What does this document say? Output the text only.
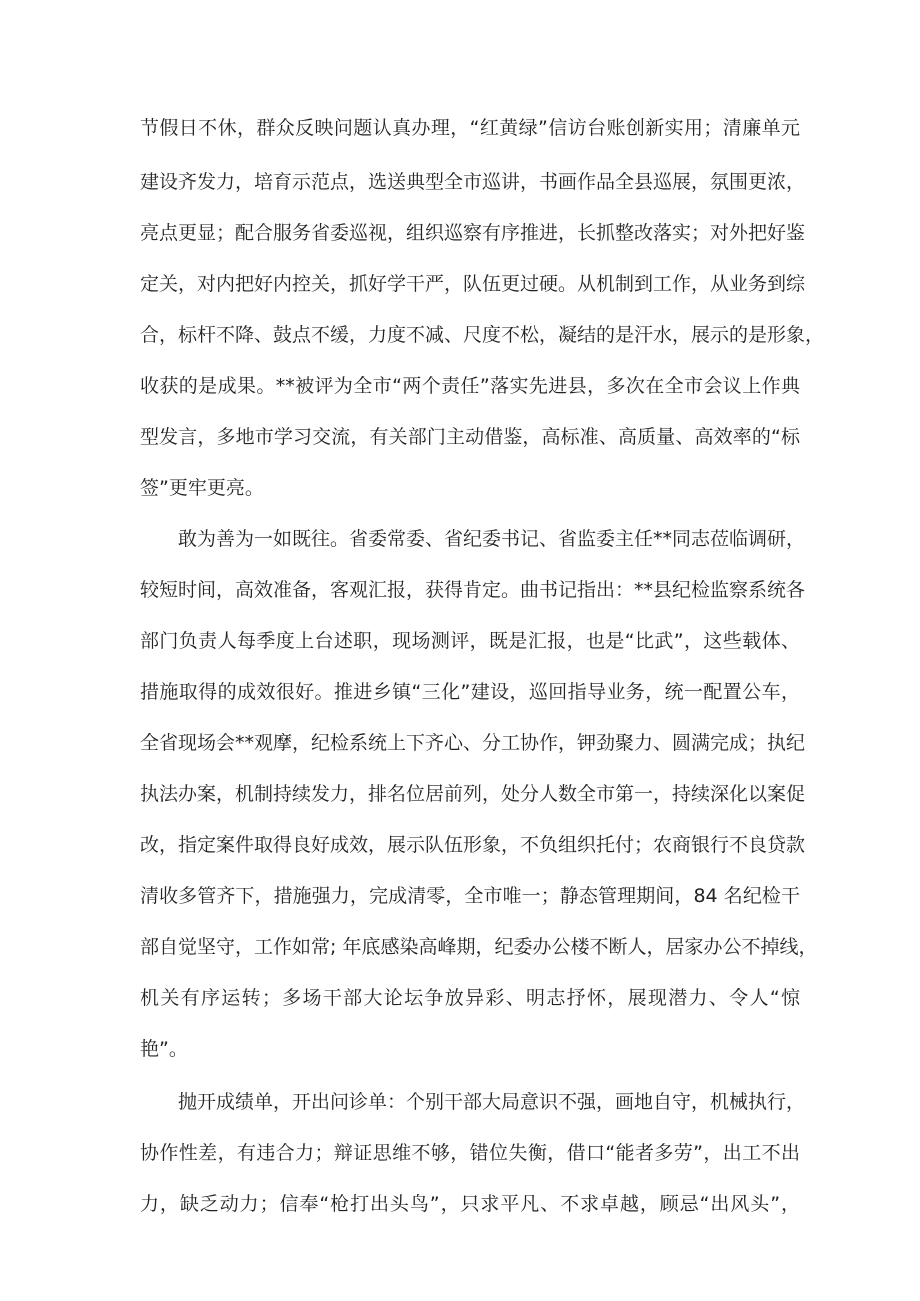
节假日不休，群众反映问题认真办理，“红黄绿”信访台账创新实用；清廉单元
建设齐发力，培育示范点，选送典型全市巡讲，书画作品全县巡展，氛围更浓，
亮点更显；配合服务省委巡视，组织巡察有序推进，长抓整改落实；对外把好鉴
定关，对内把好内控关，抓好学干严，队伍更过硬。从机制到工作，从业务到综
合，标杆不降、鼓点不缓，力度不减、尺度不松，凝结的是汗水，展示的是形象，
收获的是成果。**被评为全市“两个责任”落实先进县，多次在全市会议上作典
型发言，多地市学习交流，有关部门主动借鉴，高标准、高质量、高效率的“标
签”更牢更亮。
敢为善为一如既往。省委常委、省纪委书记、省监委主任**同志莅临调研，
较短时间，高效准备，客观汇报，获得肯定。曲书记指出：**县纪检监察系统各
部门负责人每季度上台述职，现场测评，既是汇报，也是“比武”，这些载体、
措施取得的成效很好。推进乡镇“三化”建设，巡回指导业务，统一配置公车，
全省现场会**观摩，纪检系统上下齐心、分工协作，钾劲聚力、圆满完成；执纪
执法办案，机制持续发力，排名位居前列，处分人数全市第一，持续深化以案促
改，指定案件取得良好成效，展示队伍形象，不负组织托付；农商银行不良贷款
清收多管齐下，措施强力，完成清零，全市唯一；静态管理期间，84 名纪检干
部自觉坚守，工作如常; 年底感染高峰期，纪委办公楼不断人，居家办公不掉线，
机关有序运转；多场干部大论坛争放异彩、明志抒怀，展现潜力、令人“惊
艳”。
抛开成绩单，开出问诊单：个别干部大局意识不强，画地自守，机械执行，
协作性差，有违合力；辩证思维不够，错位失衡，借口“能者多劳”，出工不出
力，缺乏动力；信奉“枪打出头鸟”，只求平凡、不求卓越，顾忌“出风头”，
